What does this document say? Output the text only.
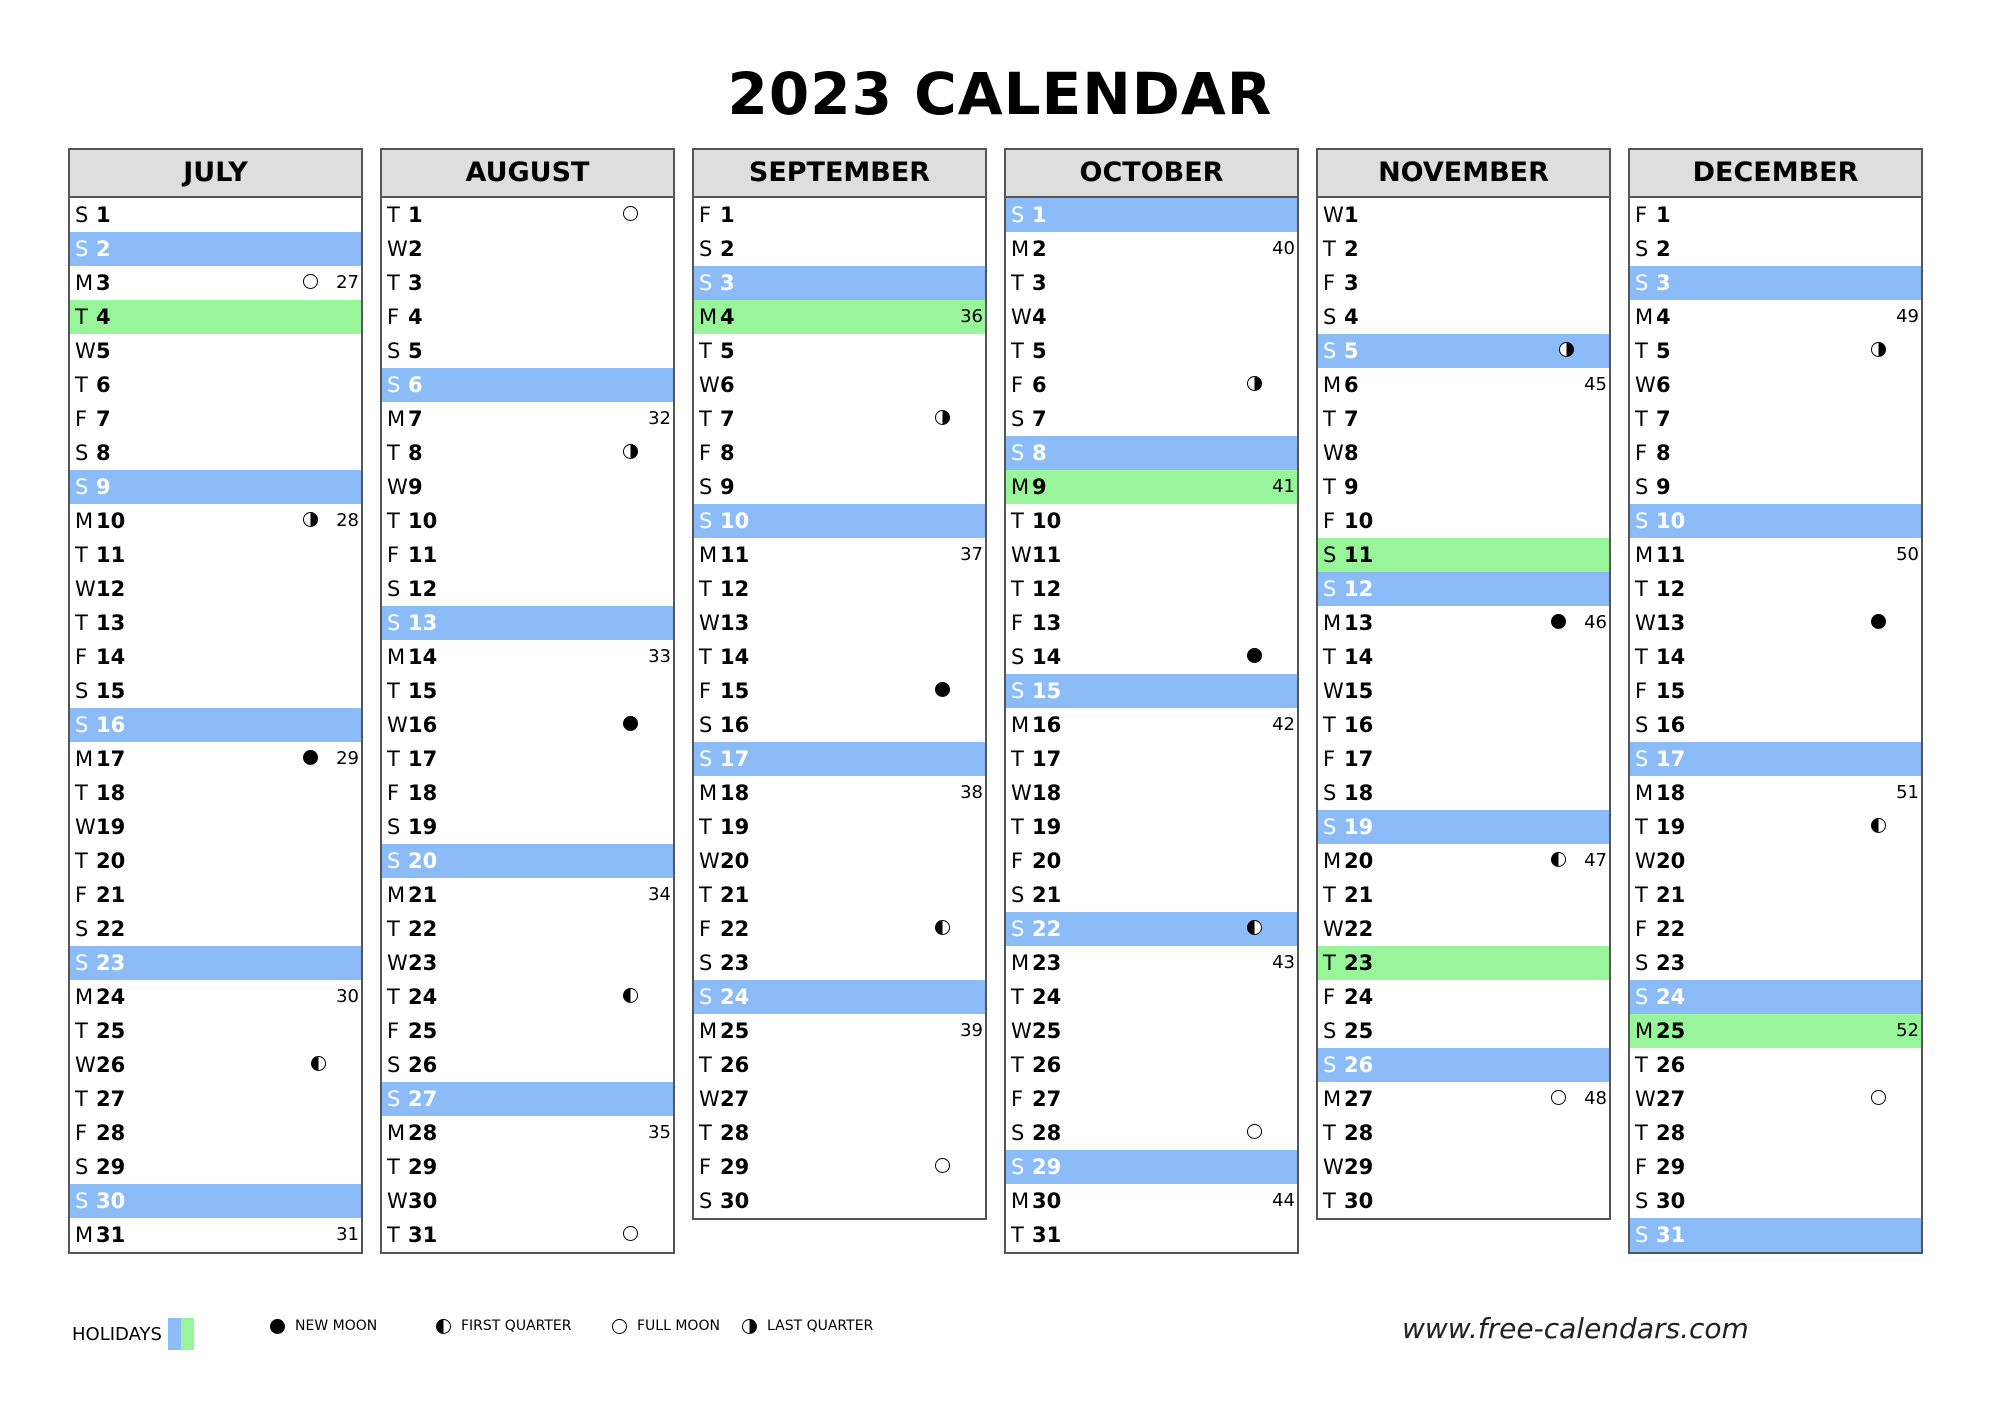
2023 CALENDAR
JULY
S 1
S 2
M 3	27
T 4
W 5
T 6
F 7
S 8
S 9
M 10	28
T 11
W 12
T 13
F 14
S 15
S 16
M 17	29
T 18
W 19
T 20
F 21
S 22
S 23
M 24	30
T 25
W 26
T 27
F 28
S 29
S 30
M 31	31
AUGUST
T 1
W 2
T 3
F 4
S 5
S 6
M 7	32
T 8
W 9
T 10
F 11
S 12
S 13
M 14	33
T 15
W 16
T 17
F 18
S 19
S 20
M 21	34
T 22
W 23
T 24
F 25
S 26
S 27
M 28	35
T 29
W 30
T 31
SEPTEMBER
F 1
S 2
S 3
M 4	36
T 5
W 6
T 7
F 8
S 9
S 10
M 11	37
T 12
W 13
T 14
F 15
S 16
S 17
M 18	38
T 19
W 20
T 21
F 22
S 23
S 24
M 25	39
T 26
W 27
T 28
F 29
S 30
OCTOBER
S 1
M 2	40
T 3
W 4
T 5
F 6
S 7
S 8
M 9	41
T 10
W 11
T 12
F 13
S 14
S 15
M 16	42
T 17
W 18
T 19
F 20
S 21
S 22
M 23	43
T 24
W 25
T 26
F 27
S 28
S 29
M 30	44
T 31
NOVEMBER
W 1
T 2
F 3
S 4
S 5
M 6	45
T 7
W 8
T 9
F 10
S 11
S 12
M 13	46
T 14
W 15
T 16
F 17
S 18
S 19
M 20	47
T 21
W 22
T 23
F 24
S 25
S 26
M 27	48
T 28
W 29
T 30
DECEMBER
F 1
S 2
S 3
M 4	49
T 5
W 6
T 7
F 8
S 9
S 10
M 11	50
T 12
W 13
T 14
F 15
S 16
S 17
M 18	51
T 19
W 20
T 21
F 22
S 23
S 24
M 25	52
T 26
W 27
T 28
F 29
S 30
S 31
HOLIDAYS	NEW MOON	FIRST QUARTER	FULL MOON	LAST QUARTER	www.free-calendars.com
